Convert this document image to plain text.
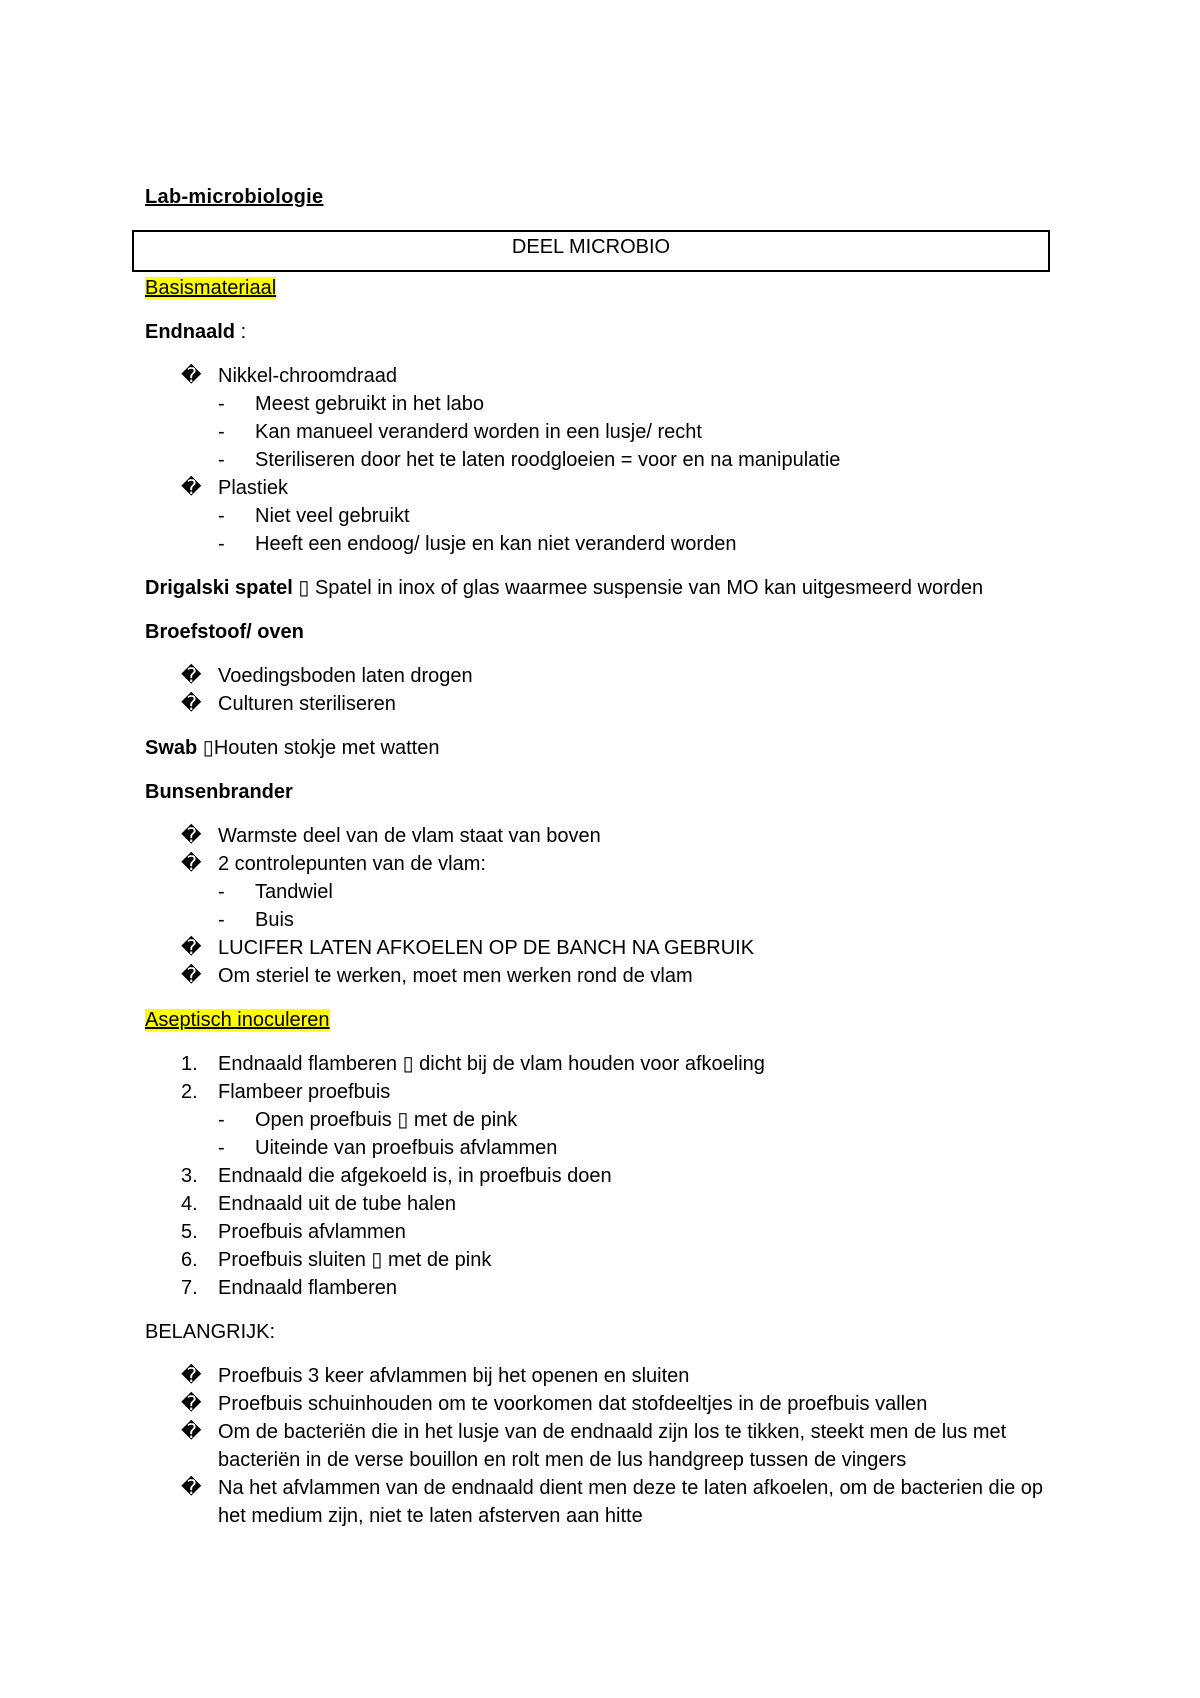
Lab-microbiologie
DEEL MICROBIO

Basismateriaal

Endnaald :

� Nikkel-chroomdraad
- Meest gebruikt in het labo
- Kan manueel veranderd worden in een lusje/ recht
- Steriliseren door het te laten roodgloeien = voor en na manipulatie
� Plastiek
- Niet veel gebruikt
- Heeft een endoog/ lusje en kan niet veranderd worden

Drigalski spatel ▯ Spatel in inox of glas waarmee suspensie van MO kan uitgesmeerd worden

Broefstoof/ oven

� Voedingsboden laten drogen
� Culturen steriliseren

Swab ▯Houten stokje met watten

Bunsenbrander

� Warmste deel van de vlam staat van boven
� 2 controlepunten van de vlam:
- Tandwiel
- Buis
� LUCIFER LATEN AFKOELEN OP DE BANCH NA GEBRUIK
� Om steriel te werken, moet men werken rond de vlam

Aseptisch inoculeren

1. Endnaald flamberen ▯ dicht bij de vlam houden voor afkoeling
2. Flambeer proefbuis
- Open proefbuis ▯ met de pink
- Uiteinde van proefbuis afvlammen
3. Endnaald die afgekoeld is, in proefbuis doen
4. Endnaald uit de tube halen
5. Proefbuis afvlammen
6. Proefbuis sluiten ▯ met de pink
7. Endnaald flamberen

BELANGRIJK:

� Proefbuis 3 keer afvlammen bij het openen en sluiten
� Proefbuis schuinhouden om te voorkomen dat stofdeeltjes in de proefbuis vallen
� Om de bacteriën die in het lusje van de endnaald zijn los te tikken, steekt men de lus met bacteriën in de verse bouillon en rolt men de lus handgreep tussen de vingers
� Na het afvlammen van de endnaald dient men deze te laten afkoelen, om de bacterien die op het medium zijn, niet te laten afsterven aan hitte
